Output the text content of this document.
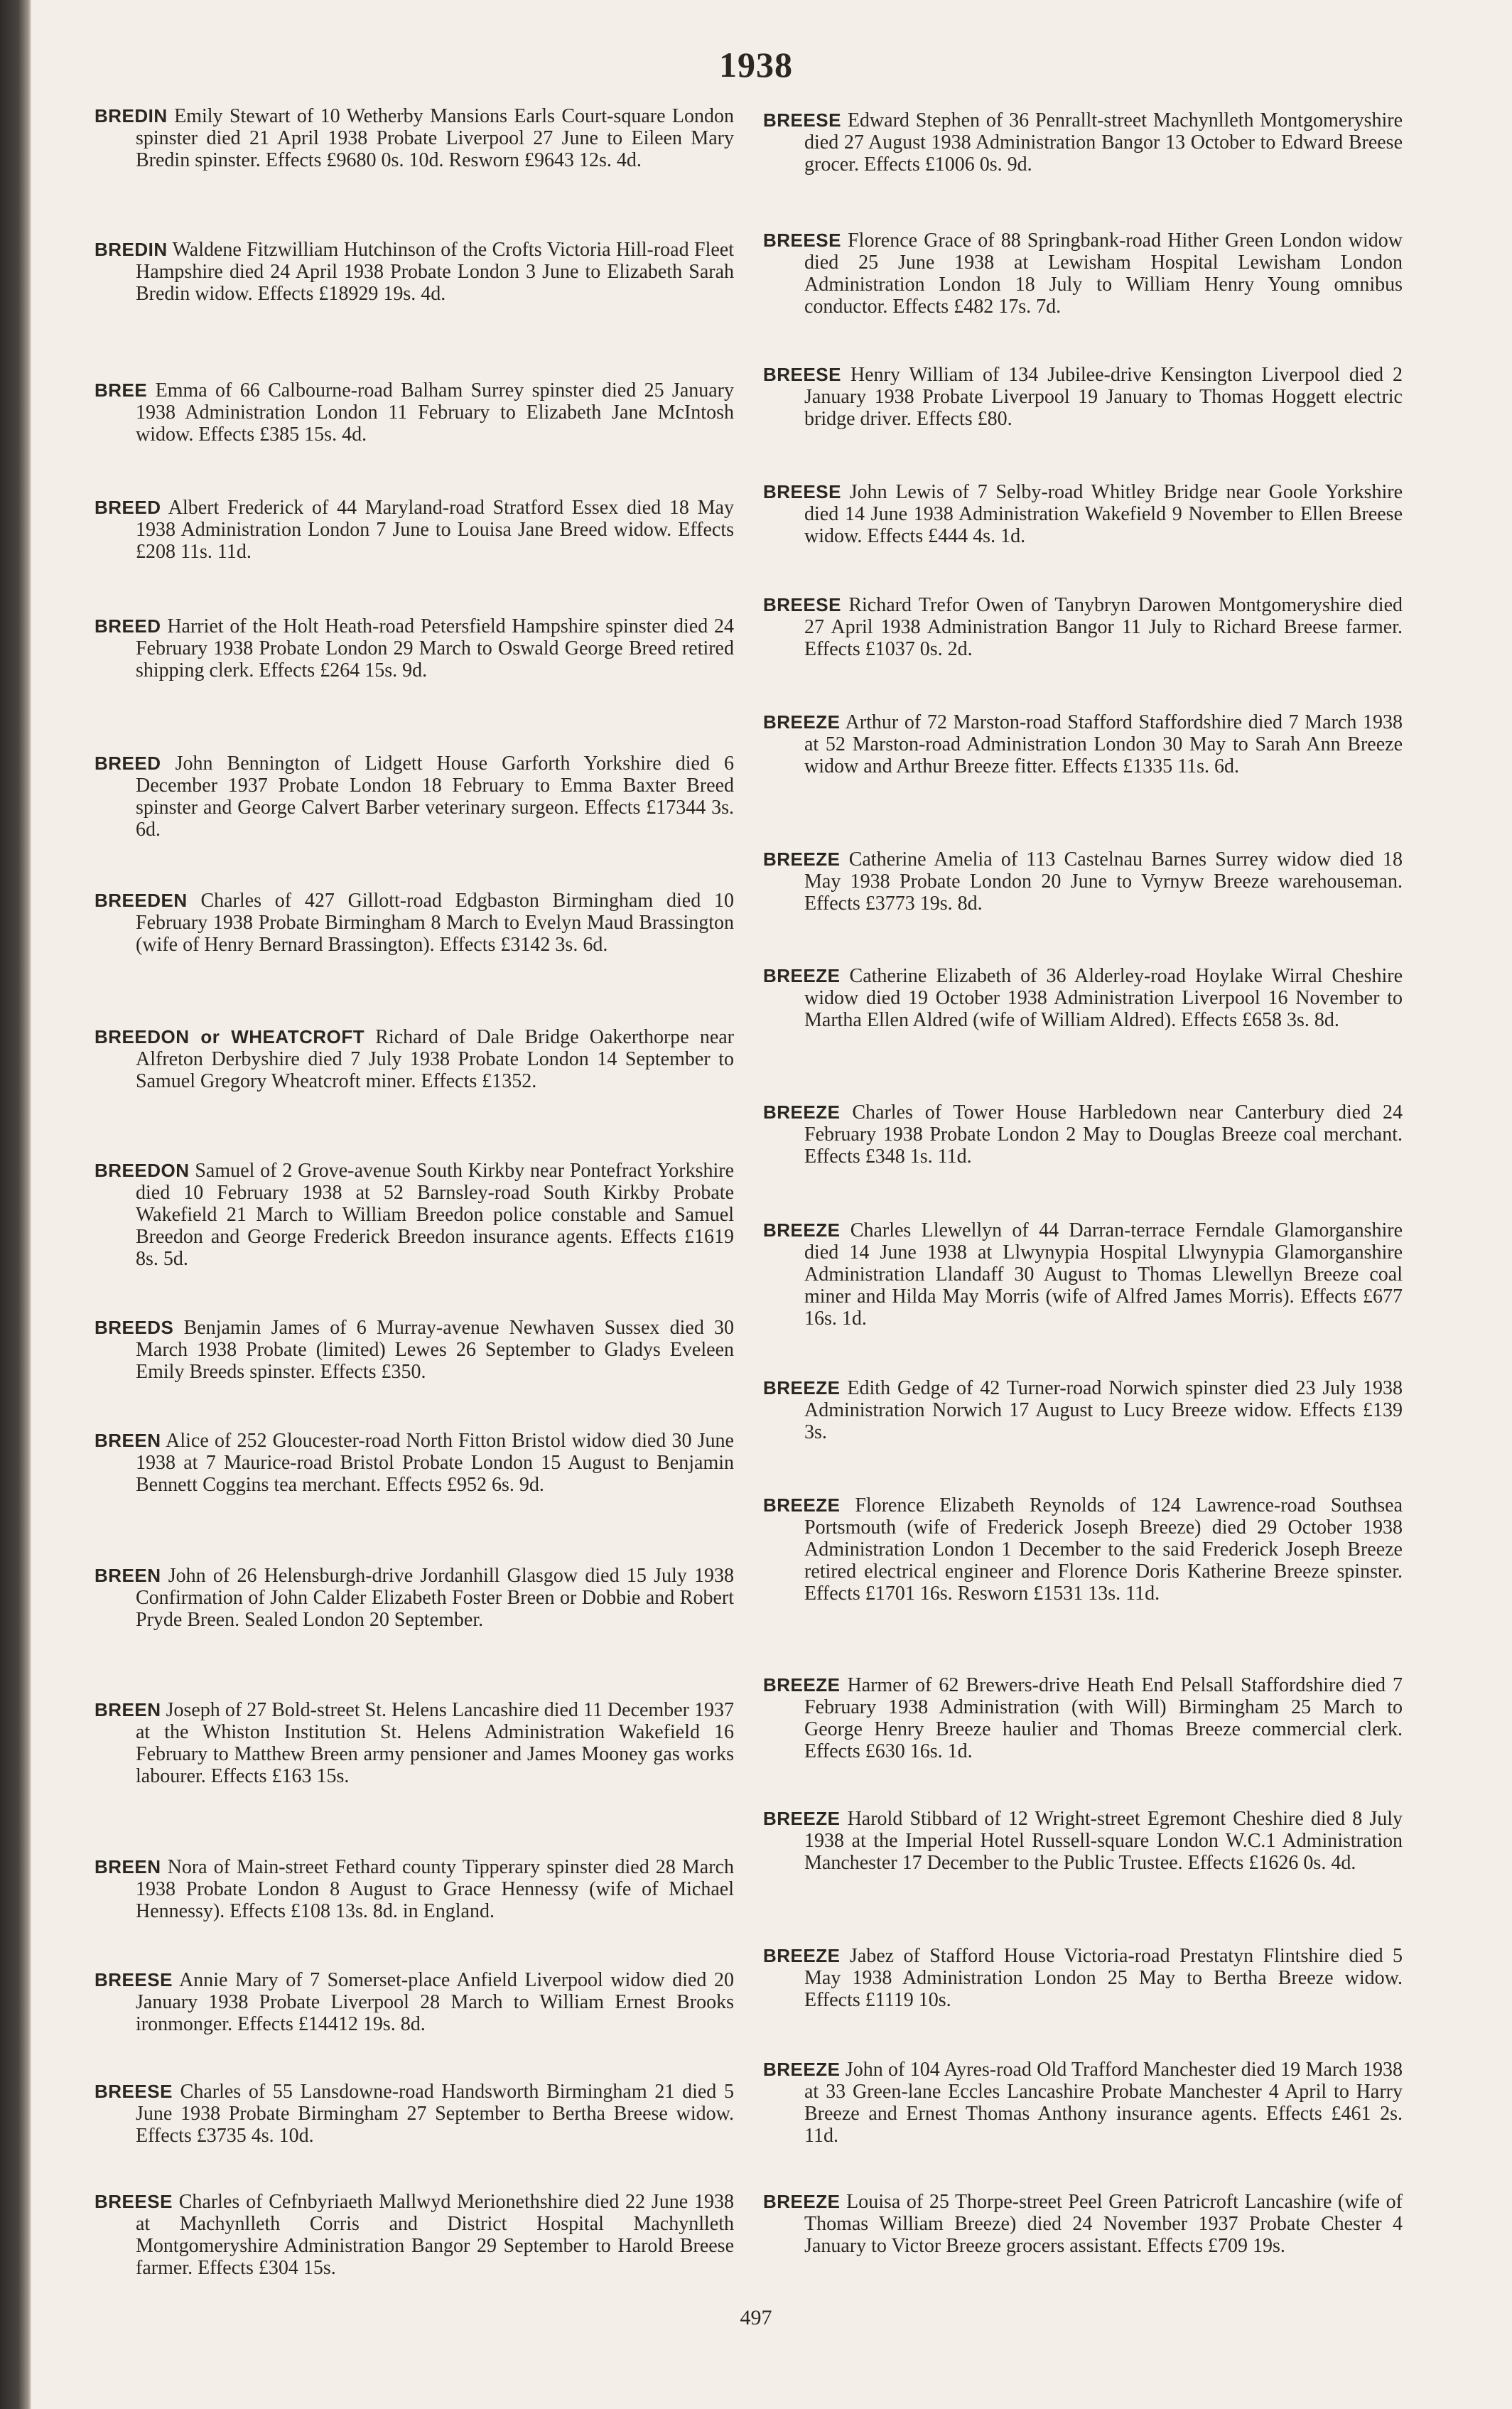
1938
BREDIN Emily Stewart of 10 Wetherby Mansions Earls Court-square London spinster died 21 April 1938 Probate Liverpool 27 June to Eileen Mary Bredin spinster. Effects £9680 0s. 10d. Resworn £9643 12s. 4d.
BREDIN Waldene Fitzwilliam Hutchinson of the Crofts Victoria Hill-road Fleet Hampshire died 24 April 1938 Probate London 3 June to Elizabeth Sarah Bredin widow. Effects £18929 19s. 4d.
BREE Emma of 66 Calbourne-road Balham Surrey spinster died 25 January 1938 Administration London 11 February to Elizabeth Jane McIntosh widow. Effects £385 15s. 4d.
BREED Albert Frederick of 44 Maryland-road Stratford Essex died 18 May 1938 Administration London 7 June to Louisa Jane Breed widow. Effects £208 11s. 11d.
BREED Harriet of the Holt Heath-road Petersfield Hampshire spinster died 24 February 1938 Probate London 29 March to Oswald George Breed retired shipping clerk. Effects £264 15s. 9d.
BREED John Bennington of Lidgett House Garforth Yorkshire died 6 December 1937 Probate London 18 February to Emma Baxter Breed spinster and George Calvert Barber veterinary surgeon. Effects £17344 3s. 6d.
BREEDEN Charles of 427 Gillott-road Edgbaston Birmingham died 10 February 1938 Probate Birmingham 8 March to Evelyn Maud Brassington (wife of Henry Bernard Brassington). Effects £3142 3s. 6d.
BREEDON or WHEATCROFT Richard of Dale Bridge Oakerthorpe near Alfreton Derbyshire died 7 July 1938 Probate London 14 September to Samuel Gregory Wheatcroft miner. Effects £1352.
BREEDON Samuel of 2 Grove-avenue South Kirkby near Pontefract Yorkshire died 10 February 1938 at 52 Barnsley-road South Kirkby Probate Wakefield 21 March to William Breedon police constable and Samuel Breedon and George Frederick Breedon insurance agents. Effects £1619 8s. 5d.
BREEDS Benjamin James of 6 Murray-avenue Newhaven Sussex died 30 March 1938 Probate (limited) Lewes 26 September to Gladys Eveleen Emily Breeds spinster. Effects £350.
BREEN Alice of 252 Gloucester-road North Fitton Bristol widow died 30 June 1938 at 7 Maurice-road Bristol Probate London 15 August to Benjamin Bennett Coggins tea merchant. Effects £952 6s. 9d.
BREEN John of 26 Helensburgh-drive Jordanhill Glasgow died 15 July 1938 Confirmation of John Calder Elizabeth Foster Breen or Dobbie and Robert Pryde Breen. Sealed London 20 September.
BREEN Joseph of 27 Bold-street St. Helens Lancashire died 11 December 1937 at the Whiston Institution St. Helens Administration Wakefield 16 February to Matthew Breen army pensioner and James Mooney gas works labourer. Effects £163 15s.
BREEN Nora of Main-street Fethard county Tipperary spinster died 28 March 1938 Probate London 8 August to Grace Hennessy (wife of Michael Hennessy). Effects £108 13s. 8d. in England.
BREESE Annie Mary of 7 Somerset-place Anfield Liverpool widow died 20 January 1938 Probate Liverpool 28 March to William Ernest Brooks ironmonger. Effects £14412 19s. 8d.
BREESE Charles of 55 Lansdowne-road Handsworth Birmingham 21 died 5 June 1938 Probate Birmingham 27 September to Bertha Breese widow. Effects £3735 4s. 10d.
BREESE Charles of Cefnbyriaeth Mallwyd Merionethshire died 22 June 1938 at Machynlleth Corris and District Hospital Machynlleth Montgomeryshire Administration Bangor 29 September to Harold Breese farmer. Effects £304 15s.
BREESE Edward Stephen of 36 Penrallt-street Machynlleth Montgomeryshire died 27 August 1938 Administration Bangor 13 October to Edward Breese grocer. Effects £1006 0s. 9d.
BREESE Florence Grace of 88 Springbank-road Hither Green London widow died 25 June 1938 at Lewisham Hospital Lewisham London Administration London 18 July to William Henry Young omnibus conductor. Effects £482 17s. 7d.
BREESE Henry William of 134 Jubilee-drive Kensington Liverpool died 2 January 1938 Probate Liverpool 19 January to Thomas Hoggett electric bridge driver. Effects £80.
BREESE John Lewis of 7 Selby-road Whitley Bridge near Goole Yorkshire died 14 June 1938 Administration Wakefield 9 November to Ellen Breese widow. Effects £444 4s. 1d.
BREESE Richard Trefor Owen of Tanybryn Darowen Montgomeryshire died 27 April 1938 Administration Bangor 11 July to Richard Breese farmer. Effects £1037 0s. 2d.
BREEZE Arthur of 72 Marston-road Stafford Staffordshire died 7 March 1938 at 52 Marston-road Administration London 30 May to Sarah Ann Breeze widow and Arthur Breeze fitter. Effects £1335 11s. 6d.
BREEZE Catherine Amelia of 113 Castelnau Barnes Surrey widow died 18 May 1938 Probate London 20 June to Vyrnyw Breeze warehouseman. Effects £3773 19s. 8d.
BREEZE Catherine Elizabeth of 36 Alderley-road Hoylake Wirral Cheshire widow died 19 October 1938 Administration Liverpool 16 November to Martha Ellen Aldred (wife of William Aldred). Effects £658 3s. 8d.
BREEZE Charles of Tower House Harbledown near Canterbury died 24 February 1938 Probate London 2 May to Douglas Breeze coal merchant. Effects £348 1s. 11d.
BREEZE Charles Llewellyn of 44 Darran-terrace Ferndale Glamorganshire died 14 June 1938 at Llwynypia Hospital Llwynypia Glamorganshire Administration Llandaff 30 August to Thomas Llewellyn Breeze coal miner and Hilda May Morris (wife of Alfred James Morris). Effects £677 16s. 1d.
BREEZE Edith Gedge of 42 Turner-road Norwich spinster died 23 July 1938 Administration Norwich 17 August to Lucy Breeze widow. Effects £139 3s.
BREEZE Florence Elizabeth Reynolds of 124 Lawrence-road Southsea Portsmouth (wife of Frederick Joseph Breeze) died 29 October 1938 Administration London 1 December to the said Frederick Joseph Breeze retired electrical engineer and Florence Doris Katherine Breeze spinster. Effects £1701 16s. Resworn £1531 13s. 11d.
BREEZE Harmer of 62 Brewers-drive Heath End Pelsall Staffordshire died 7 February 1938 Administration (with Will) Birmingham 25 March to George Henry Breeze haulier and Thomas Breeze commercial clerk. Effects £630 16s. 1d.
BREEZE Harold Stibbard of 12 Wright-street Egremont Cheshire died 8 July 1938 at the Imperial Hotel Russell-square London W.C.1 Administration Manchester 17 December to the Public Trustee. Effects £1626 0s. 4d.
BREEZE Jabez of Stafford House Victoria-road Prestatyn Flintshire died 5 May 1938 Administration London 25 May to Bertha Breeze widow. Effects £1119 10s.
BREEZE John of 104 Ayres-road Old Trafford Manchester died 19 March 1938 at 33 Green-lane Eccles Lancashire Probate Manchester 4 April to Harry Breeze and Ernest Thomas Anthony insurance agents. Effects £461 2s. 11d.
BREEZE Louisa of 25 Thorpe-street Peel Green Patricroft Lancashire (wife of Thomas William Breeze) died 24 November 1937 Probate Chester 4 January to Victor Breeze grocers assistant. Effects £709 19s.
497
